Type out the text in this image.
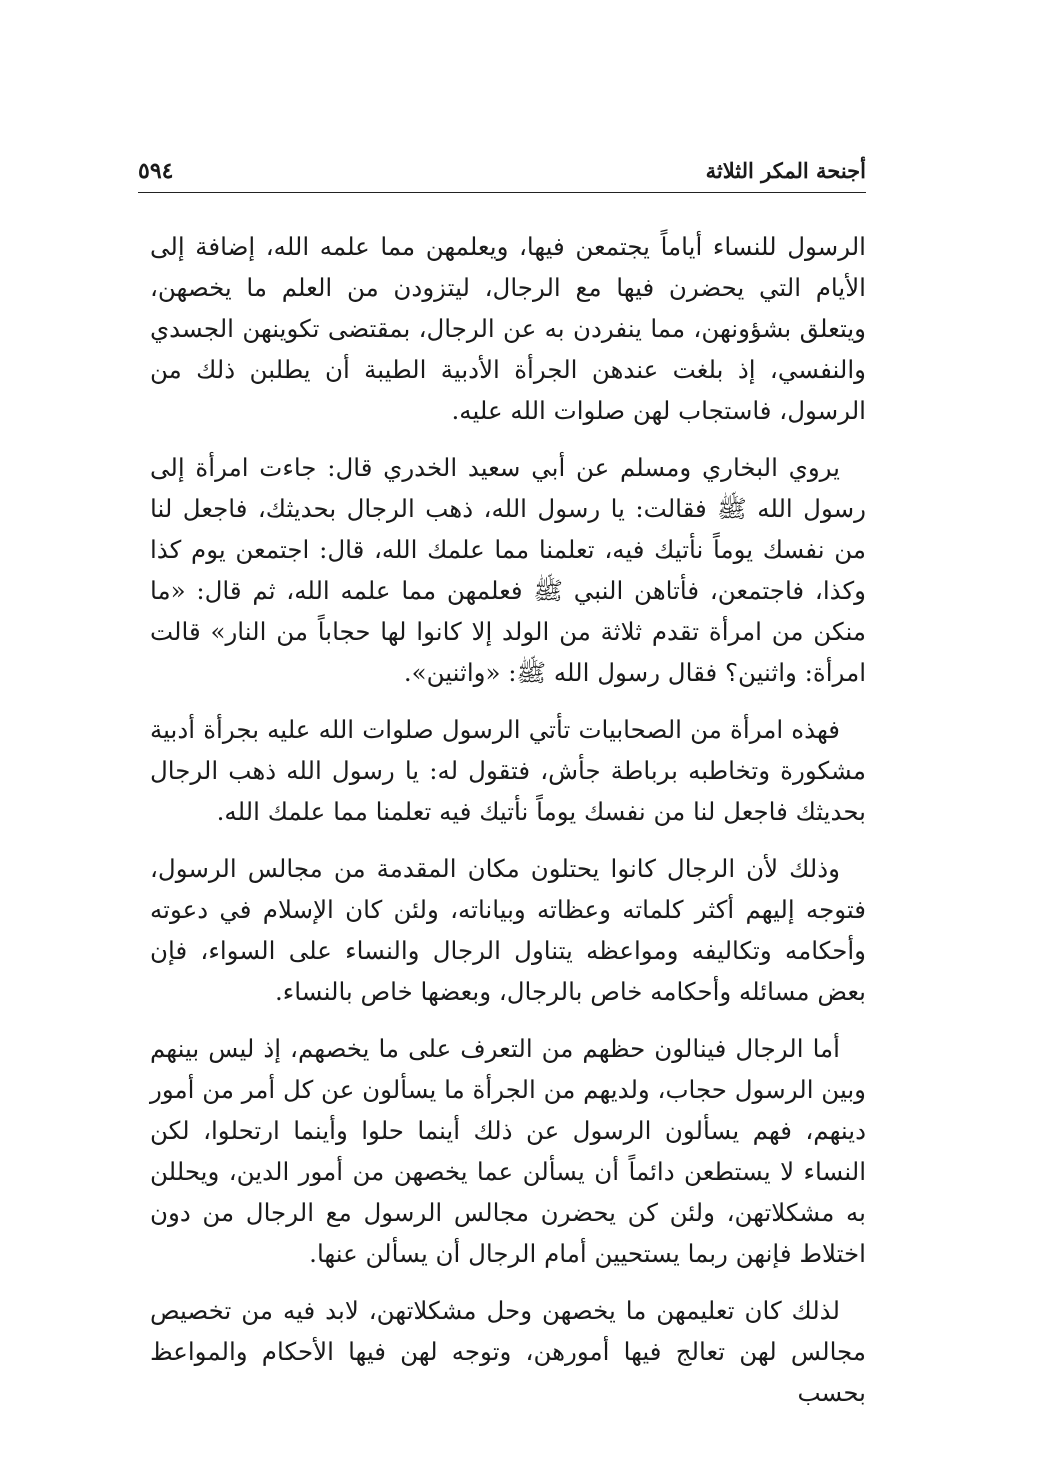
أجنحة المكر الثلاثة
٥٩٤

الرسول للنساء أياماً يجتمعن فيها، ويعلمهن مما علمه الله، إضافة إلى الأيام التي يحضرن فيها مع الرجال، ليتزودن من العلم ما يخصهن، ويتعلق بشؤونهن، مما ينفردن به عن الرجال، بمقتضى تكوينهن الجسدي والنفسي، إذ بلغت عندهن الجرأة الأدبية الطيبة أن يطلبن ذلك من الرسول، فاستجاب لهن صلوات الله عليه.

يروي البخاري ومسلم عن أبي سعيد الخدري قال: جاءت امرأة إلى رسول الله ﷺ فقالت: يا رسول الله، ذهب الرجال بحديثك، فاجعل لنا من نفسك يوماً نأتيك فيه، تعلمنا مما علمك الله، قال: اجتمعن يوم كذا وكذا، فاجتمعن، فأتاهن النبي ﷺ فعلمهن مما علمه الله، ثم قال: «ما منكن من امرأة تقدم ثلاثة من الولد إلا كانوا لها حجاباً من النار» قالت امرأة: واثنين؟ فقال رسول الله ﷺ: «واثنين».

فهذه امرأة من الصحابيات تأتي الرسول صلوات الله عليه بجرأة أدبية مشكورة وتخاطبه برباطة جأش، فتقول له: يا رسول الله ذهب الرجال بحديثك فاجعل لنا من نفسك يوماً نأتيك فيه تعلمنا مما علمك الله.

وذلك لأن الرجال كانوا يحتلون مكان المقدمة من مجالس الرسول، فتوجه إليهم أكثر كلماته وعظاته وبياناته، ولئن كان الإسلام في دعوته وأحكامه وتكاليفه ومواعظه يتناول الرجال والنساء على السواء، فإن بعض مسائله وأحكامه خاص بالرجال، وبعضها خاص بالنساء.

أما الرجال فينالون حظهم من التعرف على ما يخصهم، إذ ليس بينهم وبين الرسول حجاب، ولديهم من الجرأة ما يسألون عن كل أمر من أمور دينهم، فهم يسألون الرسول عن ذلك أينما حلوا وأينما ارتحلوا، لكن النساء لا يستطعن دائماً أن يسألن عما يخصهن من أمور الدين، ويحللن به مشكلاتهن، ولئن كن يحضرن مجالس الرسول مع الرجال من دون اختلاط فإنهن ربما يستحيين أمام الرجال أن يسألن عنها.

لذلك كان تعليمهن ما يخصهن وحل مشكلاتهن، لابد فيه من تخصيص مجالس لهن تعالج فيها أمورهن، وتوجه لهن فيها الأحكام والمواعظ بحسب
